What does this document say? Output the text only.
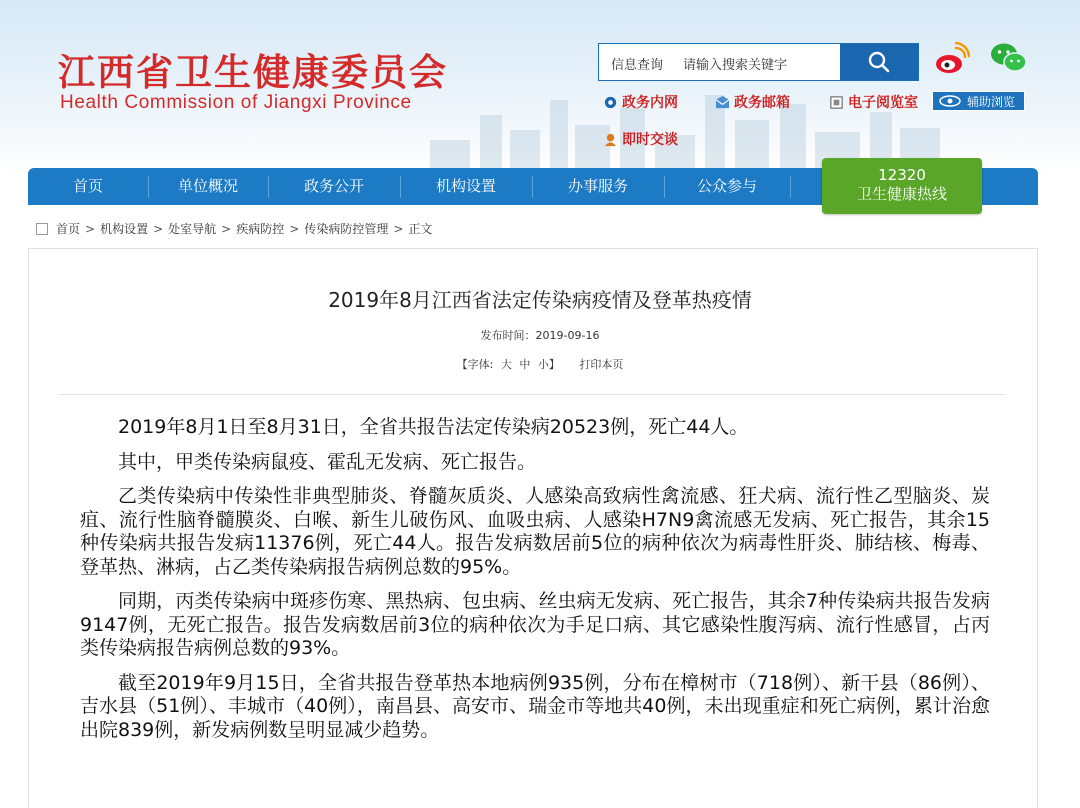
江西省卫生健康委员会
Health Commission of Jiangxi Province
信息查询 请输入搜索关键字
政务内网	政务邮箱	电子阅览室	辅助浏览
即时交谈
首页	单位概况	政务公开	机构设置	办事服务	公众参与
12320
卫生健康热线
首页 > 机构设置 > 处室导航 > 疾病防控 > 传染病防控管理 > 正文
2019年8月江西省法定传染病疫情及登革热疫情
发布时间：2019-09-16
【字体: 大 中 小】 打印本页

2019年8月1日至8月31日，全省共报告法定传染病20523例，死亡44人。

其中，甲类传染病鼠疫、霍乱无发病、死亡报告。

乙类传染病中传染性非典型肺炎、脊髓灰质炎、人感染高致病性禽流感、狂犬病、流行性乙型脑炎、炭疽、流行性脑脊髓膜炎、白喉、新生儿破伤风、血吸虫病、人感染H7N9禽流感无发病、死亡报告，其余15种传染病共报告发病11376例，死亡44人。报告发病数居前5位的病种依次为病毒性肝炎、肺结核、梅毒、登革热、淋病，占乙类传染病报告病例总数的95%。

同期，丙类传染病中斑疹伤寒、黑热病、包虫病、丝虫病无发病、死亡报告，其余7种传染病共报告发病9147例，无死亡报告。报告发病数居前3位的病种依次为手足口病、其它感染性腹泻病、流行性感冒，占丙类传染病报告病例总数的93%。

截至2019年9月15日，全省共报告登革热本地病例935例，分布在樟树市（718例）、新干县（86例）、吉水县（51例）、丰城市（40例），南昌县、高安市、瑞金市等地共40例，未出现重症和死亡病例，累计治愈出院839例，新发病例数呈明显减少趋势。
